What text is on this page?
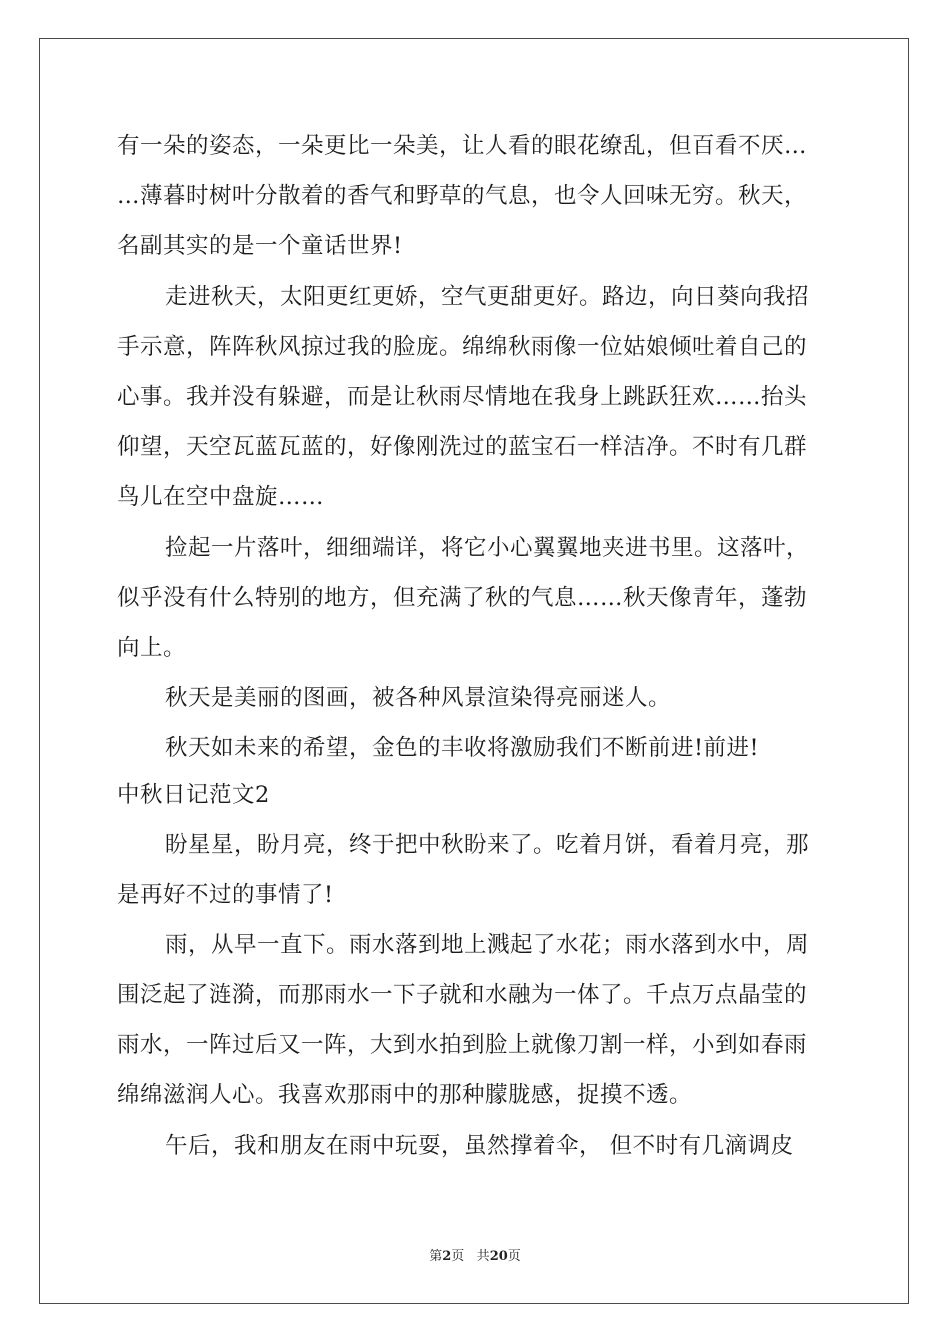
有一朵的姿态，一朵更比一朵美，让人看的眼花缭乱，但百看不厌…
…薄暮时树叶分散着的香气和野草的气息，也令人回味无穷。秋天，
名副其实的是一个童话世界!
走进秋天，太阳更红更娇，空气更甜更好。路边，向日葵向我招
手示意，阵阵秋风掠过我的脸庞。绵绵秋雨像一位姑娘倾吐着自己的
心事。我并没有躲避，而是让秋雨尽情地在我身上跳跃狂欢……抬头
仰望，天空瓦蓝瓦蓝的，好像刚洗过的蓝宝石一样洁净。不时有几群
鸟儿在空中盘旋……
捡起一片落叶，细细端详，将它小心翼翼地夹进书里。这落叶，
似乎没有什么特别的地方，但充满了秋的气息……秋天像青年，蓬勃
向上。
秋天是美丽的图画，被各种风景渲染得亮丽迷人。
秋天如未来的希望，金色的丰收将激励我们不断前进!前进!
中秋日记范文2
盼星星，盼月亮，终于把中秋盼来了。吃着月饼，看着月亮，那
是再好不过的事情了!
雨，从早一直下。雨水落到地上溅起了水花；雨水落到水中，周
围泛起了涟漪，而那雨水一下子就和水融为一体了。千点万点晶莹的
雨水，一阵过后又一阵，大到水拍到脸上就像刀割一样，小到如春雨
绵绵滋润人心。我喜欢那雨中的那种朦胧感，捉摸不透。
午后，我和朋友在雨中玩耍，虽然撑着伞， 但不时有几滴调皮
第2页 共20页
